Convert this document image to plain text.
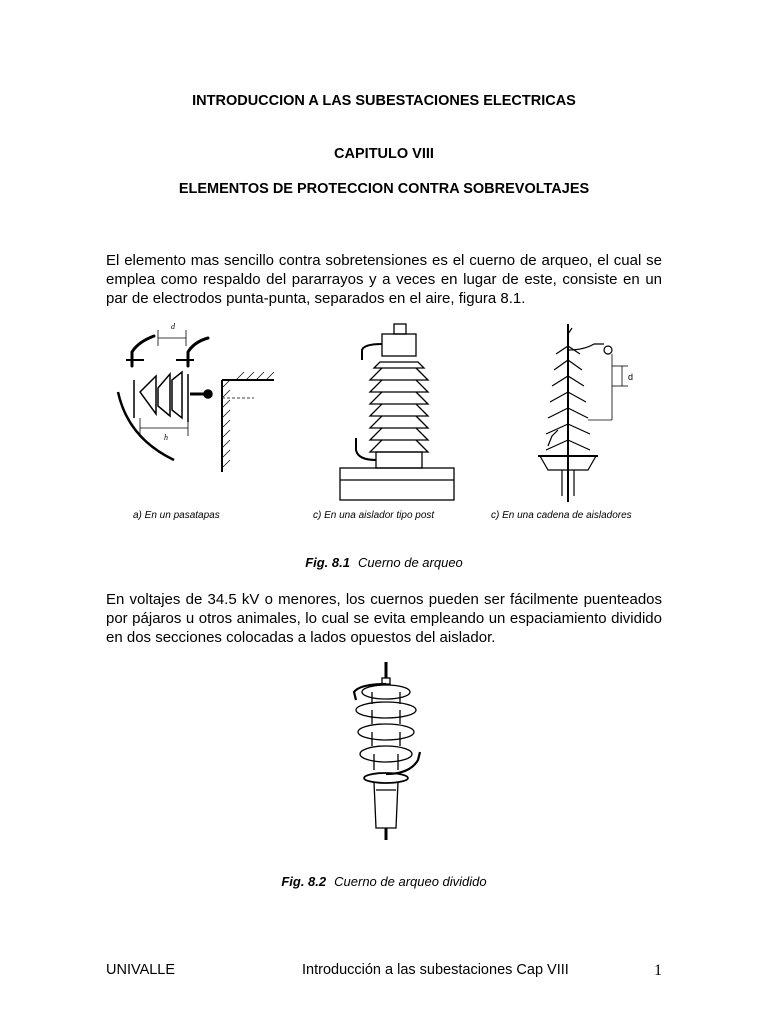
INTRODUCCION A LAS SUBESTACIONES ELECTRICAS
CAPITULO VIII
ELEMENTOS DE PROTECCION CONTRA SOBREVOLTAJES
El elemento mas sencillo contra sobretensiones es el cuerno de arqueo, el cual se emplea como respaldo del pararrayos y a veces en lugar de este, consiste en un par de electrodos punta-punta, separados en el aire, figura 8.1.
d
h
d
a) En un pasatapas	c) En una aislador tipo post	c) En una cadena de aisladores
Fig. 8.1 Cuerno de arqueo
En voltajes de 34.5 kV o menores, los cuernos pueden ser fácilmente puenteados por pájaros u otros animales, lo cual se evita empleando un espaciamiento dividido en dos secciones colocadas a lados opuestos del aislador.
Fig. 8.2 Cuerno de arqueo dividido
UNIVALLE	Introducción a las subestaciones Cap VIII	1
